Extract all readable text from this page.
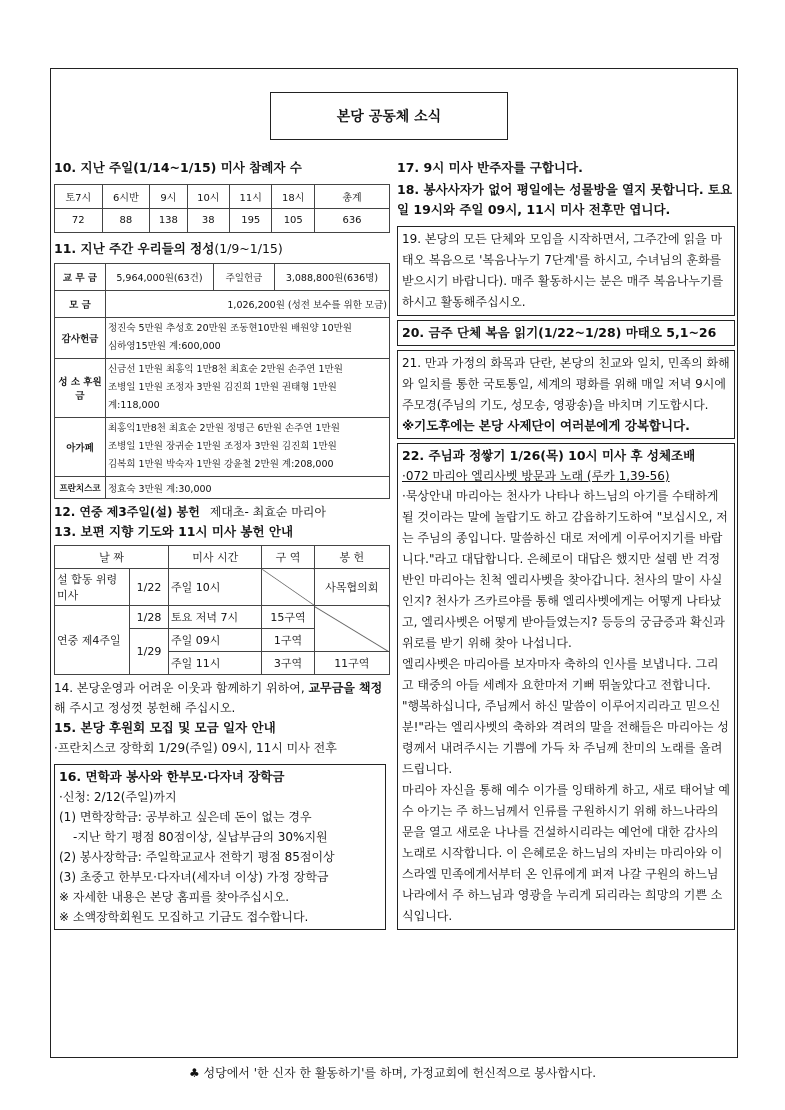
본당 공동체 소식
10. 지난 주일(1/14~1/15) 미사 참례자 수
토7시	6시반	9시	10시	11시	18시	총계
72	88	138	38	195	105	636
11. 지난 주간 우리들의 정성(1/9~1/15)
교 무 금	5,964,000원(63건)	주일헌금	3,088,800원(636명)
모 금	1,026,200원 (성전 보수를 위한 모금)		
감사헌금	정진숙 5만원 추성호 20만원 조동현10만원 배원양 10만원
심하영15만원 계:600,000		

성 소 후원금	신금선 1만원 최홍익 1만8천 최효순 2만원 손주연 1만원
조병일 1만원 조정자 3만원 김진희 1만원 권태형 1만원
계:118,000		

아가페	최홍익1만8천 최효순 2만원 정명근 6만원 손주연 1만원
조병일 1만원 장귀순 1만원 조정자 3만원 김진희 1만원
김복희 1만원 박숙자 1만원 강윤철 2만원 계:208,000		

프란치스코	정효숙 3만원 계:30,000		
12. 연중 제3주일(설) 봉헌 제대초- 최효순 마리아
13. 보편 지향 기도와 11시 미사 봉헌 안내
날 짜		미사 시간	구 역	봉 헌
설 합동 위령 미사	1/22	주일 10시		사목협의회
연중 제4주일	1/28	토요 저녁 7시	15구역	
	1/29	주일 09시	1구역	
		주일 11시	3구역	11구역
14. 본당운영과 어려운 이웃과 함께하기 위하여, 교무금을 책정해 주시고 정성껏 봉헌해 주십시오.
15. 본당 후원회 모집 및 모금 일자 안내
·프란치스코 장학회 1/29(주일) 09시, 11시 미사 전후
16. 면학과 봉사와 한부모·다자녀 장학금
·신청: 2/12(주일)까지
(1) 면학장학금: 공부하고 싶은데 돈이 없는 경우
-지난 학기 평점 80점이상, 실납부금의 30%지원
(2) 봉사장학금: 주일학교교사 전학기 평점 85점이상
(3) 초중고 한부모·다자녀(세자녀 이상) 가정 장학금
※ 자세한 내용은 본당 홈피를 찾아주십시오.
※ 소액장학회원도 모집하고 기금도 접수합니다.
17. 9시 미사 반주자를 구합니다.
18. 봉사사자가 없어 평일에는 성물방을 열지 못합니다. 토요일 19시와 주일 09시, 11시 미사 전후만 엽니다.
19. 본당의 모든 단체와 모임을 시작하면서, 그주간에 읽을 마태오 복음으로 '복음나누기 7단계'를 하시고, 수녀님의 훈화를 받으시기 바랍니다). 매주 활동하시는 분은 매주 복음나누기를 하시고 활동해주십시오.
20. 금주 단체 복음 읽기(1/22~1/28) 마태오 5,1~26
21. 만과 가정의 화목과 단란, 본당의 친교와 일치, 민족의 화해와 일치를 통한 국토통일, 세계의 평화를 위해 매일 저녁 9시에 주모경(주님의 기도, 성모송, 영광송)을 바치며 기도합시다.
※기도후에는 본당 사제단이 여러분에게 강복합니다.
22. 주님과 정쌓기 1/26(목) 10시 미사 후 성체조배
·072 마리아 엘리사벳 방문과 노래 (루카 1,39-56)
·묵상안내 마리아는 천사가 나타나 하느님의 아기를 수태하게 될 것이라는 말에 놀랍기도 하고 감읍하기도하여 "보십시오, 저는 주님의 종입니다. 말씀하신 대로 저에게 이루어지기를 바랍니다."라고 대답합니다. 은혜로이 대답은 했지만 설렘 반 걱정 반인 마리아는 친척 엘리사벳을 찾아갑니다. 천사의 말이 사실인지? 천사가 즈카르야를 통해 엘리사벳에게는 어떻게 나타났고, 엘리사벳은 어떻게 받아들였는지? 등등의 궁금증과 확신과 위로를 받기 위해 찾아 나섭니다.
엘리사벳은 마리아를 보자마자 축하의 인사를 보냅니다. 그리고 태중의 아들 세례자 요한마저 기뻐 뛰놀았다고 전합니다. "행복하십니다, 주님께서 하신 말씀이 이루어지리라고 믿으신 분!"라는 엘리사벳의 축하와 격려의 말을 전해들은 마리아는 성령께서 내려주시는 기쁨에 가득 차 주님께 찬미의 노래를 올려드립니다.
마리아 자신을 통해 예수 이가를 잉태하게 하고, 새로 태어날 예수 아기는 주 하느님께서 인류를 구원하시기 위해 하느나라의 문을 열고 새로운 나나를 건설하시리라는 예언에 대한 감사의 노래로 시작합니다. 이 은혜로운 하느님의 자비는 마리아와 이스라엘 민족에게서부터 온 인류에게 퍼져 나갈 구원의 하느님 나라에서 주 하느님과 영광을 누리게 되리라는 희망의 기쁜 소식입니다.
♣ 성당에서 '한 신자 한 활동하기'를 하며, 가정교회에 헌신적으로 봉사합시다.
